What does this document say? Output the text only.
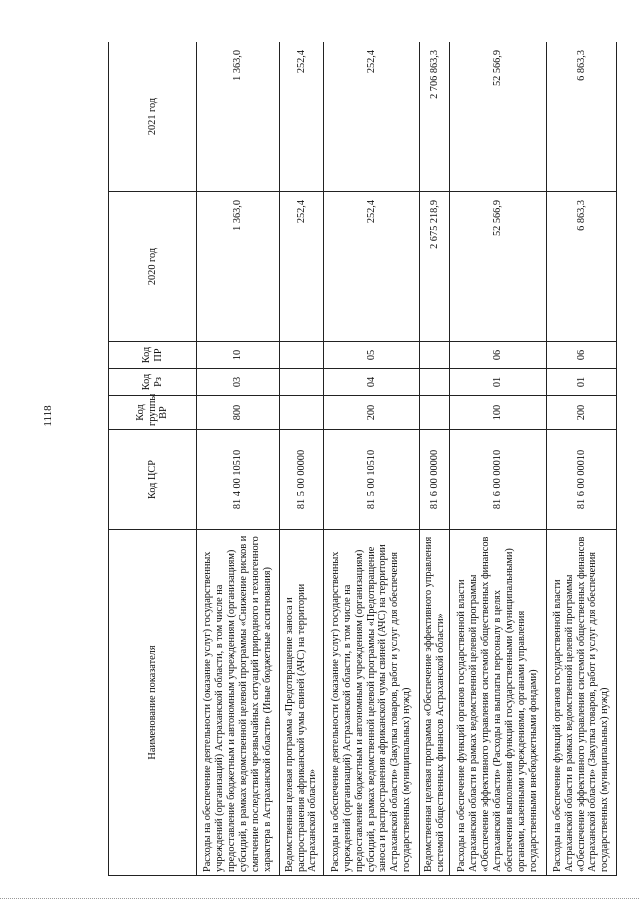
1118
Наименование показателя	Код ЦСР	Код группы ВР	Код Рз	Код ПР	2020 год	2021 год
Расходы на обеспечение деятельности (оказание услуг) государственных учреждений (организаций) Астраханской области, в том числе на предоставление бюджетным и автономным учреждениям (организациям) субсидий, в рамках ведомственной целевой программы «Снижение рисков и смягчение последствий чрезвычайных ситуаций природного и техногенного характера в Астраханской области» (Иные бюджетные ассигнования)	81 4 00 10510	800	03	10	1 363,0	1 363,0
Ведомственная целевая программа «Предотвращение заноса и распространения африканской чумы свиней (АЧС) на территории Астраханской области»	81 5 00 00000				252,4	252,4
Расходы на обеспечение деятельности (оказание услуг) государственных учреждений (организаций) Астраханской области, в том числе на предоставление бюджетным и автономным учреждениям (организациям) субсидий, в рамках ведомственной целевой программы «Предотвращение заноса и распространения африканской чумы свиней (АЧС) на территории Астраханской области» (Закупка товаров, работ и услуг для обеспечения государственных (муниципальных) нужд)	81 5 00 10510	200	04	05	252,4	252,4
Ведомственная целевая программа «Обеспечение эффективного управления системой общественных финансов Астраханской области»	81 6 00 00000				2 675 218,9	2 706 863,3
Расходы на обеспечение функций органов государственной власти Астраханской области в рамках ведомственной целевой программы «Обеспечение эффективного управления системой общественных финансов Астраханской области» (Расходы на выплаты персоналу в целях обеспечения выполнения функций государственными (муниципальными) органами, казенными учреждениями, органами управления государственными внебюджетными фондами)	81 6 00 00010	100	01	06	52 566,9	52 566,9
Расходы на обеспечение функций органов государственной власти Астраханской области в рамках ведомственной целевой программы «Обеспечение эффективного управления системой общественных финансов Астраханской области» (Закупка товаров, работ и услуг для обеспечения государственных (муниципальных) нужд)	81 6 00 00010	200	01	06	6 863,3	6 863,3
